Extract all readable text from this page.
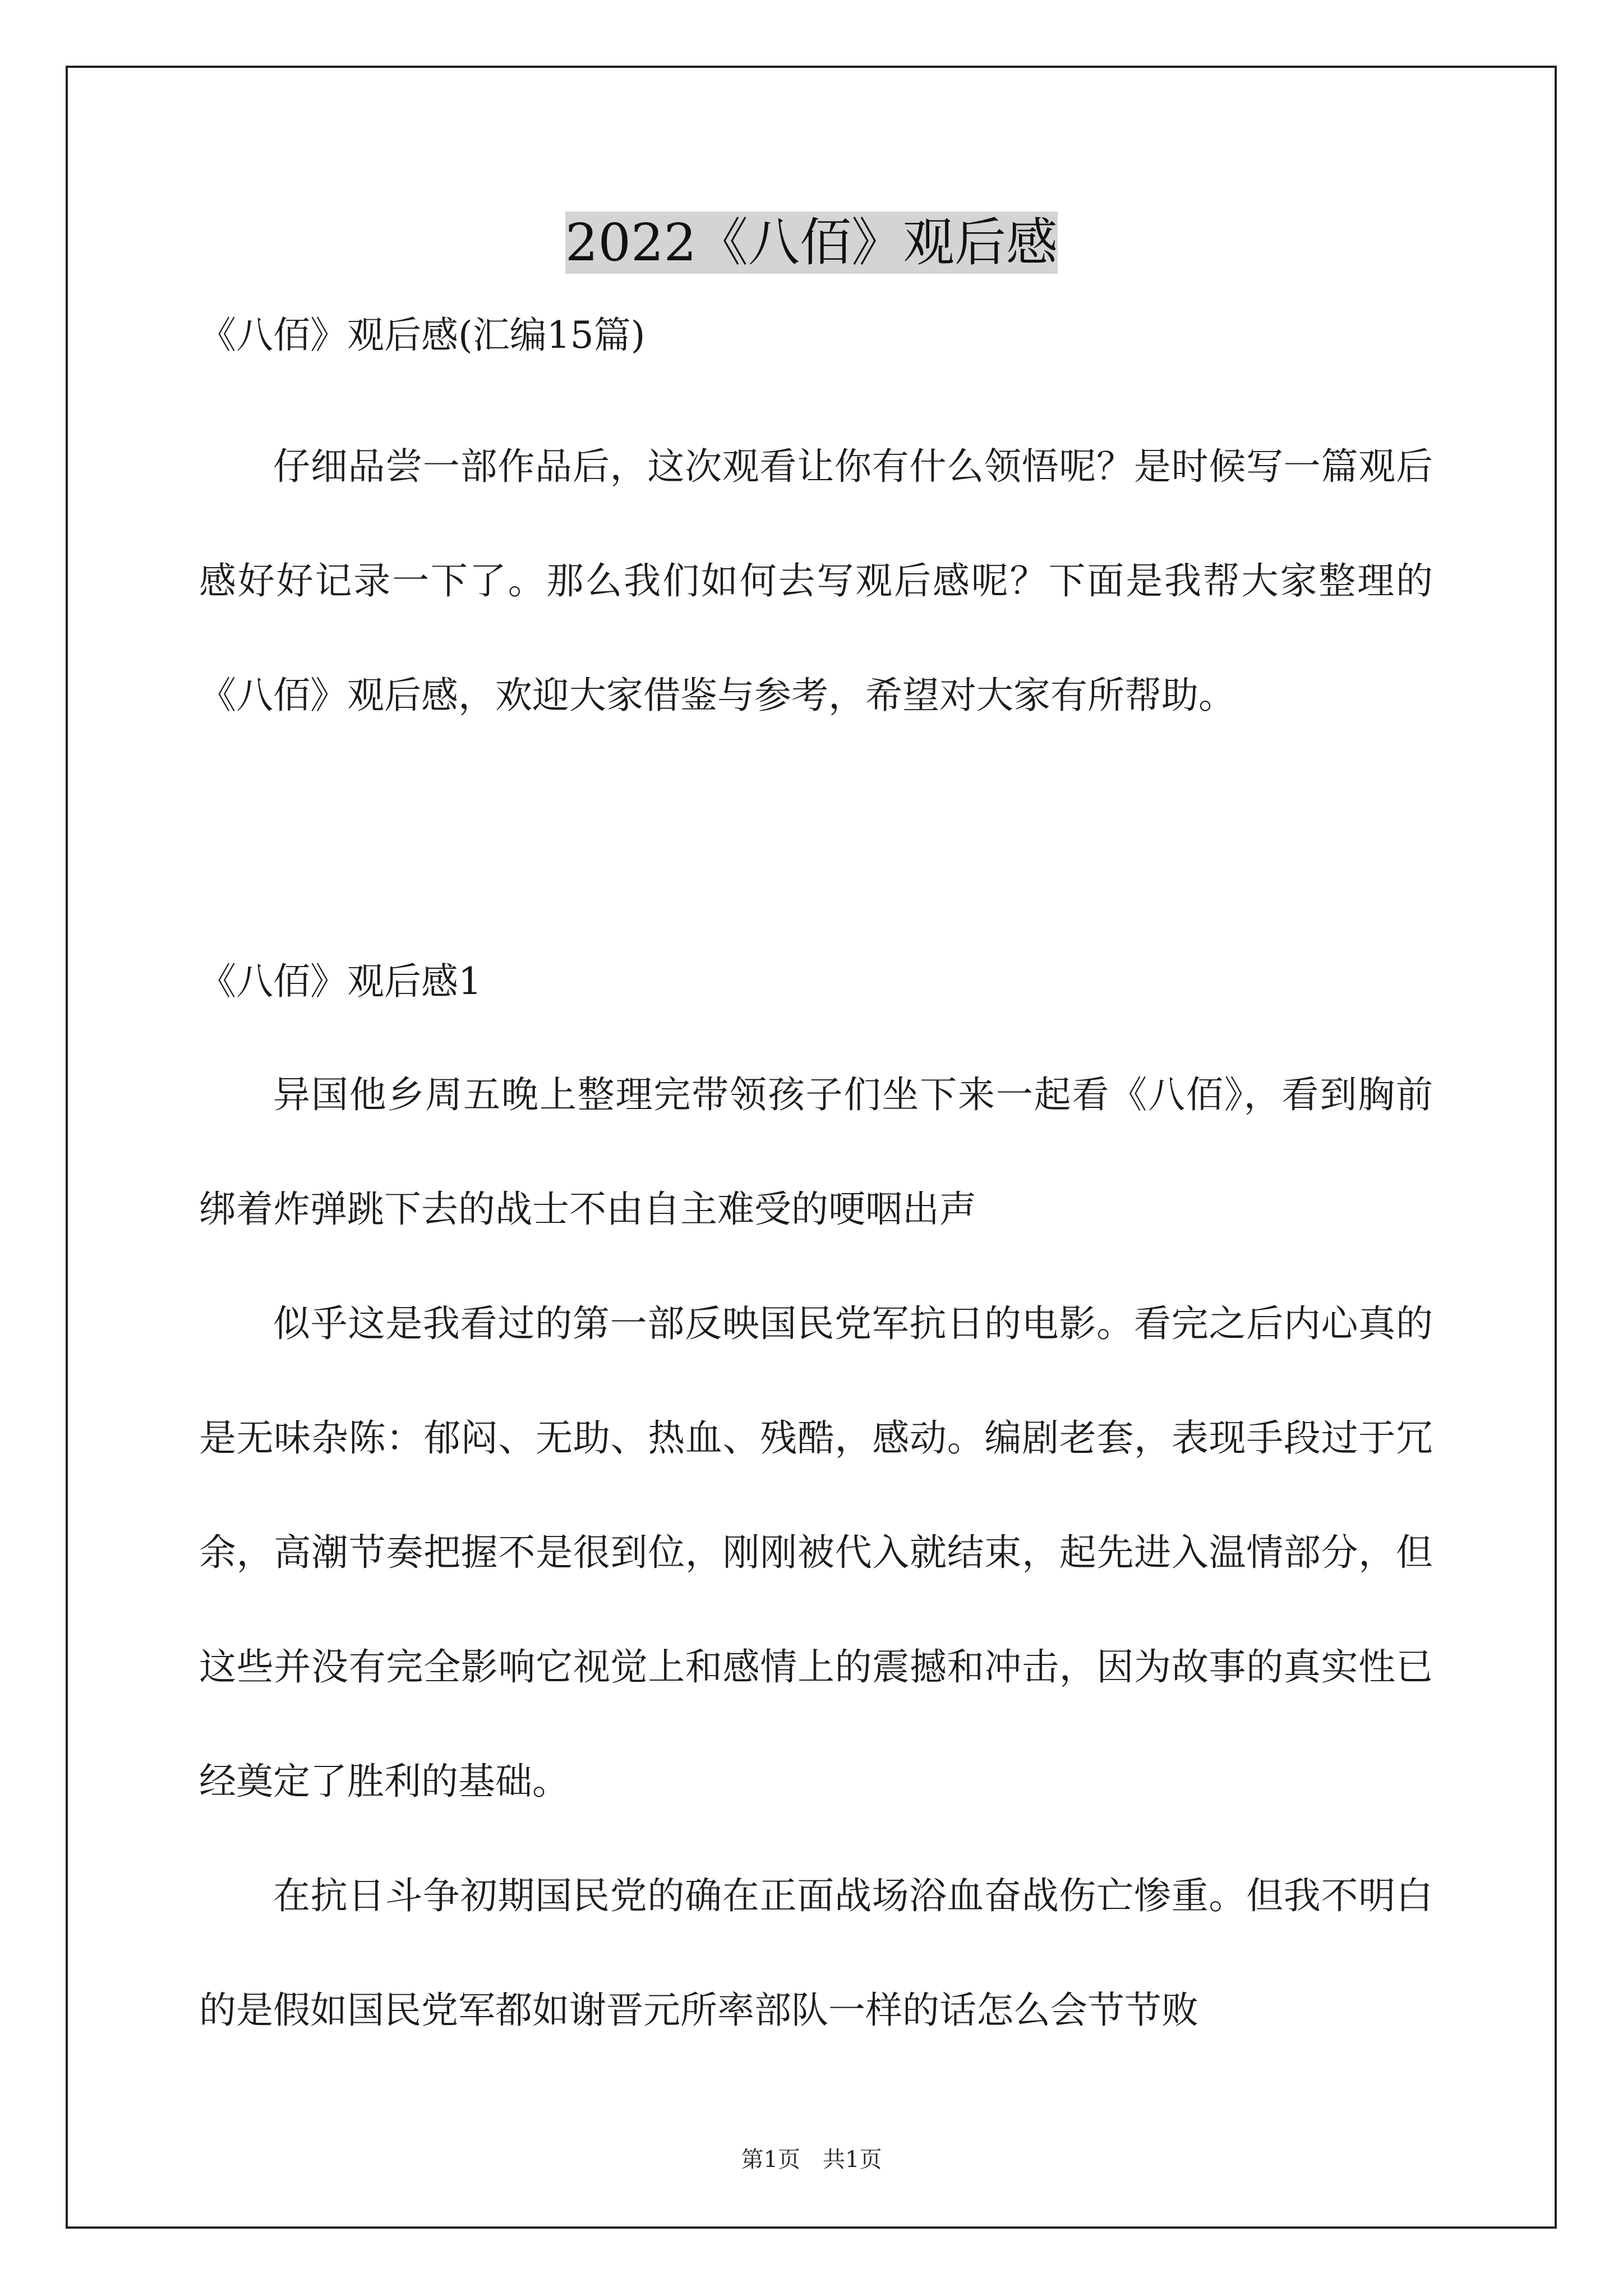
2022《八佰》观后感

《八佰》观后感(汇编15篇)

仔细品尝一部作品后，这次观看让你有什么领悟呢？是时候写一篇观后感好好记录一下了。那么我们如何去写观后感呢？下面是我帮大家整理的《八佰》观后感，欢迎大家借鉴与参考，希望对大家有所帮助。

《八佰》观后感1

异国他乡周五晚上整理完带领孩子们坐下来一起看《八佰》，看到胸前绑着炸弹跳下去的战士不由自主难受的哽咽出声

似乎这是我看过的第一部反映国民党军抗日的电影。看完之后内心真的是无味杂陈：郁闷、无助、热血、残酷，感动。编剧老套，表现手段过于冗余，高潮节奏把握不是很到位，刚刚被代入就结束，起先进入温情部分，但这些并没有完全影响它视觉上和感情上的震撼和冲击，因为故事的真实性已经奠定了胜利的基础。

在抗日斗争初期国民党的确在正面战场浴血奋战伤亡惨重。但我不明白的是假如国民党军都如谢晋元所率部队一样的话怎么会节节败

第1页　共1页
